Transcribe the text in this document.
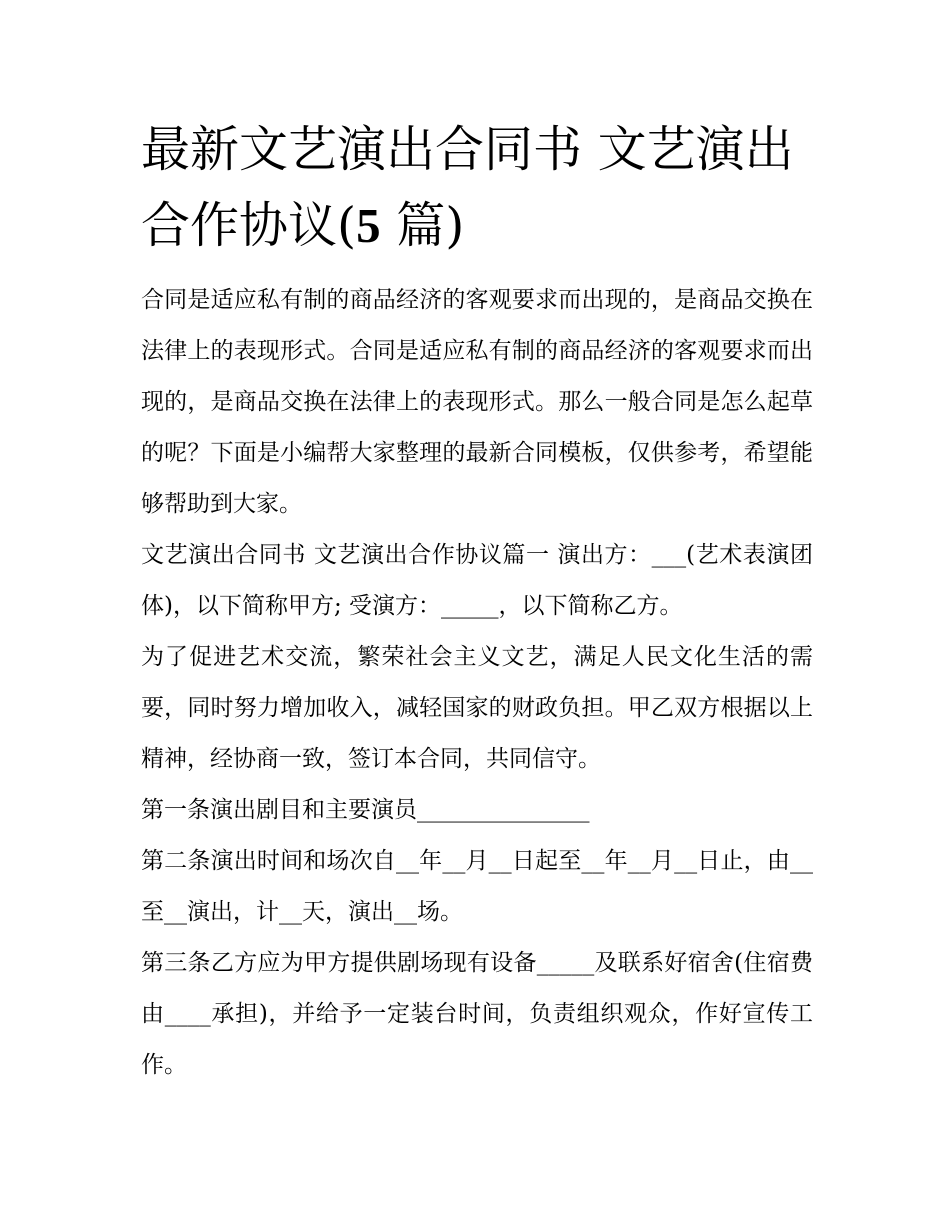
最新文艺演出合同书 文艺演出合作协议(5 篇)

合同是适应私有制的商品经济的客观要求而出现的，是商品交换在法律上的表现形式。合同是适应私有制的商品经济的客观要求而出现的，是商品交换在法律上的表现形式。那么一般合同是怎么起草的呢？下面是小编帮大家整理的最新合同模板，仅供参考，希望能够帮助到大家。

文艺演出合同书 文艺演出合作协议篇一 演出方：___(艺术表演团体)，以下简称甲方; 受演方：_____，以下简称乙方。

为了促进艺术交流，繁荣社会主义文艺，满足人民文化生活的需要，同时努力增加收入，减轻国家的财政负担。甲乙双方根据以上精神，经协商一致，签订本合同，共同信守。

第一条演出剧目和主要演员_______________

第二条演出时间和场次自__年__月__日起至__年__月__日止，由__至__演出，计__天，演出__场。

第三条乙方应为甲方提供剧场现有设备_____及联系好宿舍(住宿费由____承担)，并给予一定装台时间，负责组织观众，作好宣传工作。
